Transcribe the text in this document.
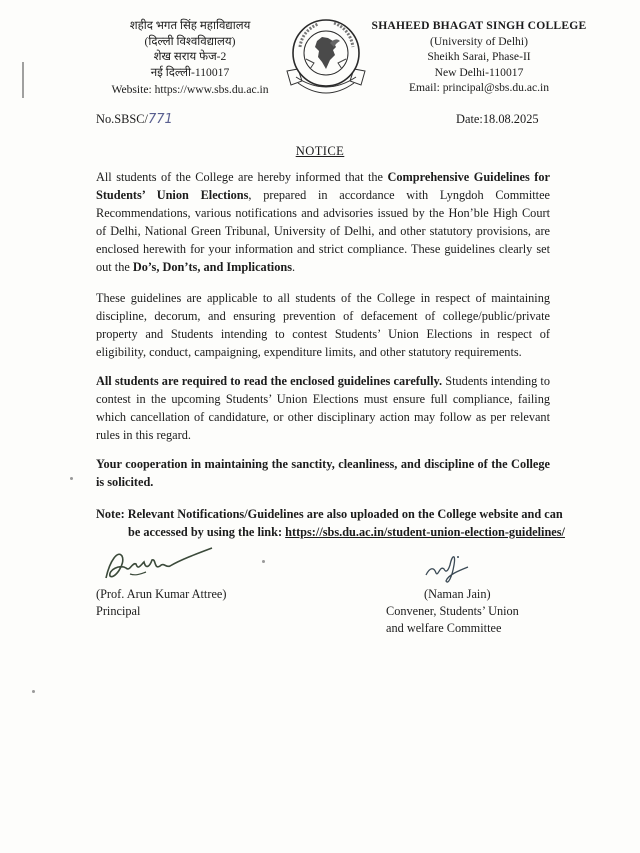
शहीद भगत सिंह महाविद्यालय
(दिल्ली विश्वविद्यालय)
शेख सराय फेज-2
नई दिल्ली-110017
Website: https://www.sbs.du.ac.in
SHAHEED BHAGAT SINGH COLLEGE
(University of Delhi)
Sheikh Sarai, Phase-II
New Delhi-110017
Email: principal@sbs.du.ac.in
No.SBSC/771	Date:18.08.2025
NOTICE
All students of the College are hereby informed that the Comprehensive Guidelines for Students’ Union Elections, prepared in accordance with Lyngdoh Committee Recommendations, various notifications and advisories issued by the Hon’ble High Court of Delhi, National Green Tribunal, University of Delhi, and other statutory provisions, are enclosed herewith for your information and strict compliance. These guidelines clearly set out the Do’s, Don’ts, and Implications.
These guidelines are applicable to all students of the College in respect of maintaining discipline, decorum, and ensuring prevention of defacement of college/public/private property and Students intending to contest Students’ Union Elections in respect of eligibility, conduct, campaigning, expenditure limits, and other statutory requirements.
All students are required to read the enclosed guidelines carefully. Students intending to contest in the upcoming Students’ Union Elections must ensure full compliance, failing which cancellation of candidature, or other disciplinary action may follow as per relevant rules in this regard.
Your cooperation in maintaining the sanctity, cleanliness, and discipline of the College is solicited.
Note: Relevant Notifications/Guidelines are also uploaded on the College website and can
be accessed by using the link: https://sbs.du.ac.in/student-union-election-guidelines/
(Prof. Arun Kumar Attree)
Principal
(Naman Jain)
Convener, Students’ Union
and welfare Committee
